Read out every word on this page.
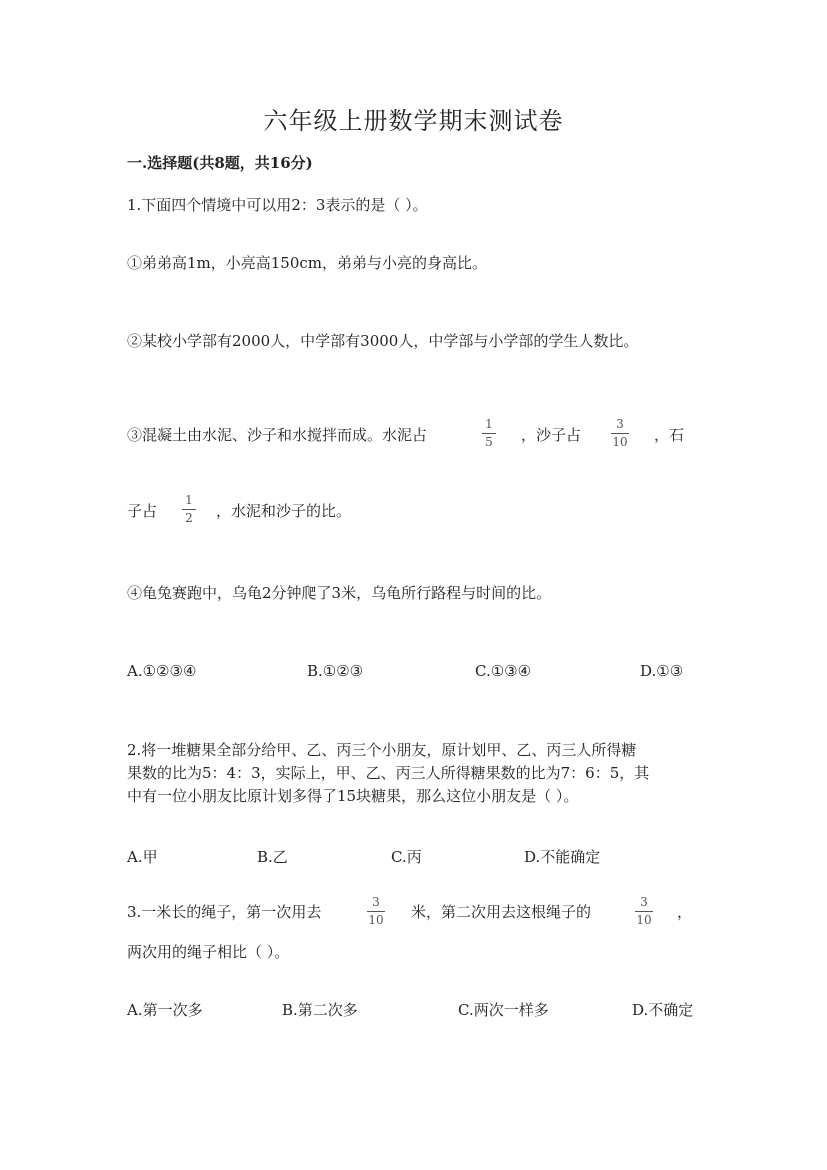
六年级上册数学期末测试卷
一.选择题(共8题，共16分)
1.下面四个情境中可以用2：3表示的是（ ）。
①弟弟高1m，小亮高150cm，弟弟与小亮的身高比。
②某校小学部有2000人，中学部有3000人，中学部与小学部的学生人数比。
③混凝土由水泥、沙子和水搅拌而成。水泥占
1
5 ，沙子占
3
10 ，石
子占
1
2 ，水泥和沙子的比。
④龟兔赛跑中，乌龟2分钟爬了3米，乌龟所行路程与时间的比。
A.①②③④	B.①②③	C.①③④	D.①③
2.将一堆糖果全部分给甲、乙、丙三个小朋友，原计划甲、乙、丙三人所得糖
果数的比为5：4：3，实际上，甲、乙、丙三人所得糖果数的比为7：6：5，其
中有一位小朋友比原计划多得了15块糖果，那么这位小朋友是（ ）。
A.甲	B.乙	C.丙	D.不能确定
3.一米长的绳子，第一次用去
3
10 米，第二次用去这根绳子的
3
10 ，
两次用的绳子相比（ ）。
A.第一次多	B.第二次多	C.两次一样多	D.不确定
